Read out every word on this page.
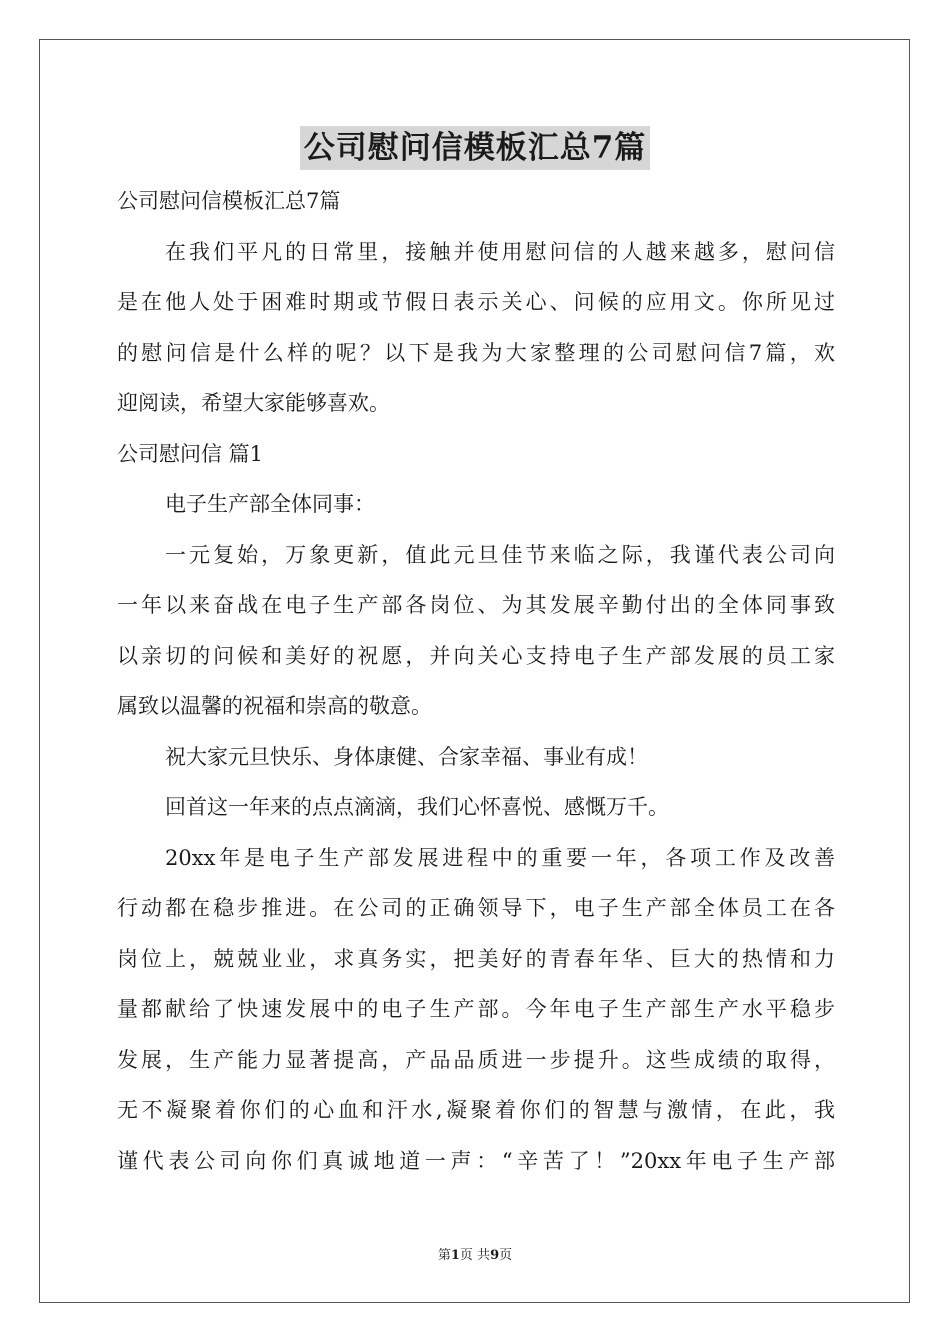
公司慰问信模板汇总7篇
公司慰问信模板汇总7篇
在我们平凡的日常里，接触并使用慰问信的人越来越多，慰问信
是在他人处于困难时期或节假日表示关心、问候的应用文。你所见过
的慰问信是什么样的呢？以下是我为大家整理的公司慰问信7篇，欢
迎阅读，希望大家能够喜欢。
公司慰问信 篇1
电子生产部全体同事：
一元复始，万象更新，值此元旦佳节来临之际，我谨代表公司向
一年以来奋战在电子生产部各岗位、为其发展辛勤付出的全体同事致
以亲切的问候和美好的祝愿，并向关心支持电子生产部发展的员工家
属致以温馨的祝福和崇高的敬意。
祝大家元旦快乐、身体康健、合家幸福、事业有成！
回首这一年来的点点滴滴，我们心怀喜悦、感慨万千。
20xx年是电子生产部发展进程中的重要一年，各项工作及改善
行动都在稳步推进。在公司的正确领导下，电子生产部全体员工在各
岗位上，兢兢业业，求真务实，把美好的青春年华、巨大的热情和力
量都献给了快速发展中的电子生产部。今年电子生产部生产水平稳步
发展，生产能力显著提高，产品品质进一步提升。这些成绩的取得，
无不凝聚着你们的心血和汗水,凝聚着你们的智慧与激情，在此，我
谨代表公司向你们真诚地道一声：“辛苦了！”20xx年电子生产部
第1页 共9页
